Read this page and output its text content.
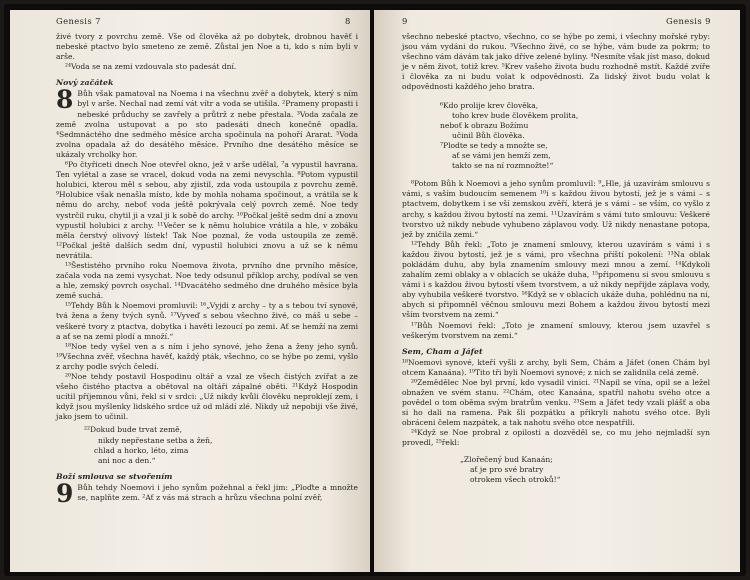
Genesis 7	8

živé tvory z povrchu země. Vše od člověka až po dobytek, drobnou havěť i nebeské ptactvo bylo smeteno ze země. Zůstal jen Noe a ti, kdo s ním byli v arše.

²⁴Voda se na zemi vzdouvala sto padesát dní.

Nový začátek

8 Bůh však pamatoval na Noema i na všechnu zvěř a dobytek, který s ním byl v arše. Nechal nad zemí vát vítr a voda se utišila. ²Prameny propasti i nebeské průduchy se zavřely a průtrž z nebe přestala. ³Voda začala ze země zvolna ustupovat a po sto padesáti dnech konečně opadla. ⁴Sedmnáctého dne sedmého měsíce archa spočinula na pohoří Ararat. ⁵Voda zvolna opadala až do desátého měsíce. Prvního dne desátého měsíce se ukázaly vrcholky hor.

⁶Po čtyřiceti dnech Noe otevřel okno, jež v arše udělal, ⁷a vypustil havrana. Ten vylétal a zase se vracel, dokud voda na zemi nevyschla. ⁸Potom vypustil holubici, kterou měl s sebou, aby zjistil, zda voda ustoupila z povrchu země. ⁹Holubice však nenašla místo, kde by mohla nohama spočinout, a vrátila se k němu do archy, neboť voda ještě pokrývala celý povrch země. Noe tedy vystrčil ruku, chytil ji a vzal ji k sobě do archy. ¹⁰Počkal ještě sedm dní a znovu vypustil holubici z archy. ¹¹Večer se k němu holubice vrátila a hle, v zobáku měla čerstvý olivový lístek! Tak Noe poznal, že voda ustoupila ze země. ¹²Počkal ještě dalších sedm dní, vypustil holubici znovu a už se k němu nevrátila.

¹³Šestistého prvního roku Noemova života, prvního dne prvního měsíce, začala voda na zemi vysychat. Noe tedy odsunul příklop archy, podíval se ven a hle, zemský povrch osychal. ¹⁴Dvacátého sedmého dne druhého měsíce byla země suchá.

¹⁵Tehdy Bůh k Noemovi promluvil: ¹⁶„Vyjdi z archy – ty a s tebou tví synové, tvá žena a ženy tvých synů. ¹⁷Vyveď s sebou všechno živé, co máš u sebe – veškeré tvory z ptactva, dobytka i havěti lezoucí po zemi. Ať se hemží na zemi a ať se na zemi plodí a množí.“

¹⁸Noe tedy vyšel ven a s ním i jeho synové, jeho žena a ženy jeho synů. ¹⁹Všechna zvěř, všechna havěť, každý pták, všechno, co se hýbe po zemi, vyšlo z archy podle svých čeledí.

²⁰Noe tehdy postavil Hospodinu oltář a vzal ze všech čistých zvířat a ze všeho čistého ptactva a obětoval na oltáři zápalné oběti. ²¹Když Hospodin ucítil příjemnou vůni, řekl si v srdci: „Už nikdy kvůli člověku neproklejí zem, i když jsou myšlenky lidského srdce už od mládí zlé. Nikdy už nepobiji vše živé, jako jsem to učinil.

²²Dokud bude trvat země,
nikdy nepřestane setba a žeň,
chlad a horko, léto, zima
ani noc a den.“
Boží smlouva se stvořením

9 Bůh tehdy Noemovi i jeho synům požehnal a řekl jim: „Ploďte a množte se, naplňte zem. ²Ať z vás má strach a hrůzu všechna polní zvěř,

9	Genesis 9

všechno nebeské ptactvo, všechno, co se hýbe po zemi, i všechny mořské ryby: jsou vám vydáni do rukou. ³Všechno živé, co se hýbe, vám bude za pokrm; to všechno vám dávám tak jako dříve zelené byliny. ⁴Nesmíte však jíst maso, dokud je v něm život, totiž krev. ⁵Krev vašeho života budu rozhodně mstít. Každé zvíře i člověka za ni budu volat k odpovědnosti. Za lidský život budu volat k odpovědnosti každého jeho bratra.

⁶Kdo prolije krev člověka,
toho krev bude člověkem prolita,
neboť k obrazu Božímu
učinil Bůh člověka.
⁷Plodte se tedy a množte se,
ať se vámi jen hemží zem,
takto se na ní rozmnožte!“

⁸Potom Bůh k Noemovi a jeho synům promluvil: ⁹„Hle, já uzavírám smlouvu s vámi, s vaším budoucím semenem ¹⁰i s každou živou bytostí, jež je s vámi – s ptactvem, dobytkem i se vší zemskou zvěří, která je s vámi – se vším, co vyšlo z archy, s každou živou bytostí na zemi. ¹¹Uzavírám s vámi tuto smlouvu: Veškeré tvorstvo už nikdy nebude vyhubeno záplavou vody. Už nikdy nenastane potopa, jež by zničila zemi.“

¹²Tehdy Bůh řekl: „Toto je znamení smlouvy, kterou uzavírám s vámi i s každou živou bytostí, jež je s vámi, pro všechna příští pokolení: ¹³Na oblak pokládám duhu, aby byla znamením smlouvy mezi mnou a zemí. ¹⁴Kdykoli zahalím zemi oblaky a v oblacích se ukáže duha, ¹⁵připomenu si svou smlouvu s vámi i s každou živou bytostí všem tvorstvem, a už nikdy nepřijde záplava vody, aby vyhubila veškeré tvorstvo. ¹⁶Když se v oblacích ukáže duha, pohlédnu na ni, abych si připomněl věčnou smlouvu mezi Bohem a každou živou bytostí mezi vším tvorstvem na zemi.“

¹⁷Bůh Noemovi řekl: „Toto je znamení smlouvy, kterou jsem uzavřel s veškerým tvorstvem na zemi.“

Sem, Cham a Jáfet

¹⁸Noemovi synové, kteří vyšli z archy, byli Sem, Chám a Jáfet (onen Chám byl otcem Kanaána). ¹⁹Tito tři byli Noemovi synové; z nich se zalidnila celá země.

²⁰Zemědělec Noe byl první, kdo vysadil vinici. ²¹Napil se vína, opil se a ležel obnažen ve svém stanu. ²²Chám, otec Kanaána, spatřil nahotu svého otce a povědel o tom oběma svým bratrům venku. ²³Sem a Jáfet tedy vzali plášť a oba si ho dali na ramena. Pak šli pozpátku a přikryli nahotu svého otce. Byli obráceni čelem nazpátek, a tak nahotu svého otce nespatřili.

²⁴Když se Noe probral z opilosti a dozvěděl se, co mu jeho nejmladší syn provedl, ²⁵řekl:

„Zlořečený bud Kanaán;
ať je pro své bratry
otrokem všech otroků!“
